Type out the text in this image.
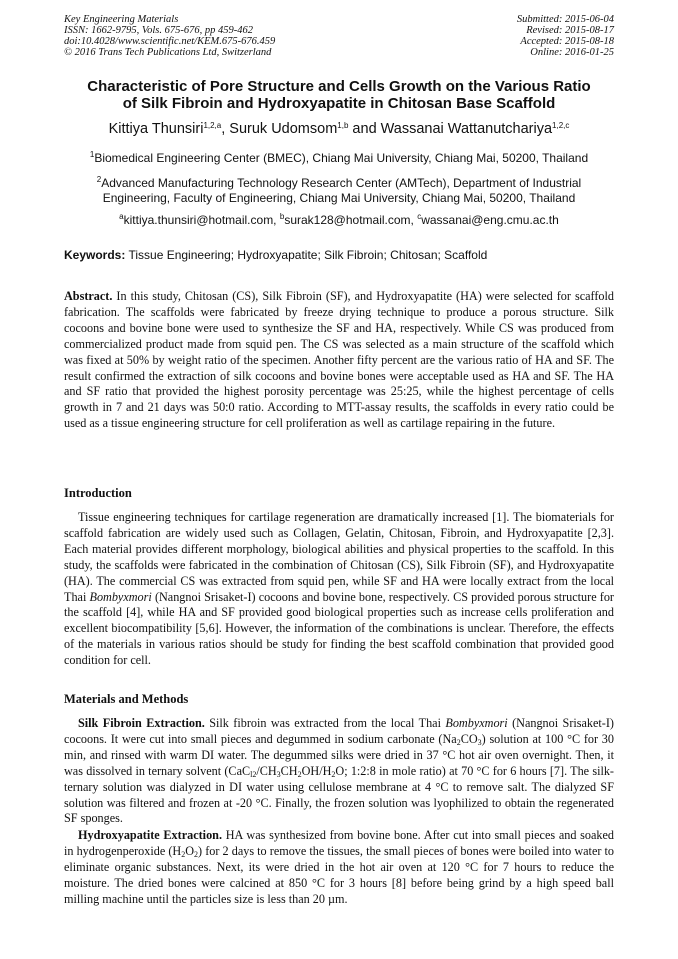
Key Engineering Materials
ISSN: 1662-9795, Vols. 675-676, pp 459-462
doi:10.4028/www.scientific.net/KEM.675-676.459
© 2016 Trans Tech Publications Ltd, Switzerland
Submitted: 2015-06-04
Revised: 2015-08-17
Accepted: 2015-08-18
Online: 2016-01-25
Characteristic of Pore Structure and Cells Growth on the Various Ratio
of Silk Fibroin and Hydroxyapatite in Chitosan Base Scaffold
Kittiya Thunsiri$^{1,2,a}$, Suruk Udomsom$^{1,b}$ and Wassanai Wattanutchariya$^{1,2,c}$
$^1$Biomedical Engineering Center (BMEC), Chiang Mai University, Chiang Mai, 50200, Thailand
$^2$Advanced Manufacturing Technology Research Center (AMTech), Department of Industrial
Engineering, Faculty of Engineering, Chiang Mai University, Chiang Mai, 50200, Thailand
$^a$kittiya.thunsiri@hotmail.com, $^b$surak128@hotmail.com, $^c$wassanai@eng.cmu.ac.th
Keywords: Tissue Engineering; Hydroxyapatite; Silk Fibroin; Chitosan; Scaffold
Abstract. In this study, Chitosan (CS), Silk Fibroin (SF), and Hydroxyapatite (HA) were selected for scaffold fabrication. The scaffolds were fabricated by freeze drying technique to produce a porous structure. Silk cocoons and bovine bone were used to synthesize the SF and HA, respectively. While CS was produced from commercialized product made from squid pen. The CS was selected as a main structure of the scaffold which was fixed at 50% by weight ratio of the specimen. Another fifty percent are the various ratio of HA and SF. The result confirmed the extraction of silk cocoons and bovine bones were acceptable used as HA and SF. The HA and SF ratio that provided the highest porosity percentage was 25:25, while the highest percentage of cells growth in 7 and 21 days was 50:0 ratio. According to MTT-assay results, the scaffolds in every ratio could be used as a tissue engineering structure for cell proliferation as well as cartilage repairing in the future.
Introduction
Tissue engineering techniques for cartilage regeneration are dramatically increased [1]. The biomaterials for scaffold fabrication are widely used such as Collagen, Gelatin, Chitosan, Fibroin, and Hydroxyapatite [2,3]. Each material provides different morphology, biological abilities and physical properties to the scaffold. In this study, the scaffolds were fabricated in the combination of Chitosan (CS), Silk Fibroin (SF), and Hydroxyapatite (HA). The commercial CS was extracted from squid pen, while SF and HA were locally extract from the local Thai Bombyxmori (Nangnoi Srisaket-I) cocoons and bovine bone, respectively. CS provided porous structure for the scaffold [4], while HA and SF provided good biological properties such as increase cells proliferation and excellent biocompatibility [5,6]. However, the information of the combinations is unclear. Therefore, the effects of the materials in various ratios should be study for finding the best scaffold combination that provided good condition for cell.
Materials and Methods
Silk Fibroin Extraction. Silk fibroin was extracted from the local Thai Bombyxmori (Nangnoi Srisaket-I) cocoons. It were cut into small pieces and degummed in sodium carbonate $(Na_2CO_3)$ solution at 100 °C for 30 min, and rinsed with warm DI water. The degummed silks were dried in 37 °C hot air oven overnight. Then, it was dissolved in ternary solvent ($CaC_{l2}/CH_3CH_2OH/H_2O$; 1:2:8 in mole ratio) at 70 °C for 6 hours [7]. The silk-ternary solution was dialyzed in DI water using cellulose membrane at 4 °C to remove salt. The dialyzed SF solution was filtered and frozen at -20 °C. Finally, the frozen solution was lyophilized to obtain the regenerated SF sponges.
Hydroxyapatite Extraction. HA was synthesized from bovine bone. After cut into small pieces and soaked in hydrogenperoxide $(H_2O_2)$ for 2 days to remove the tissues, the small pieces of bones were boiled into water to eliminate organic substances. Next, its were dried in the hot air oven at 120 °C for 7 hours to reduce the moisture. The dried bones were calcined at 850 °C for 3 hours [8] before being grind by a high speed ball milling machine until the particles size is less than 20 µm.
